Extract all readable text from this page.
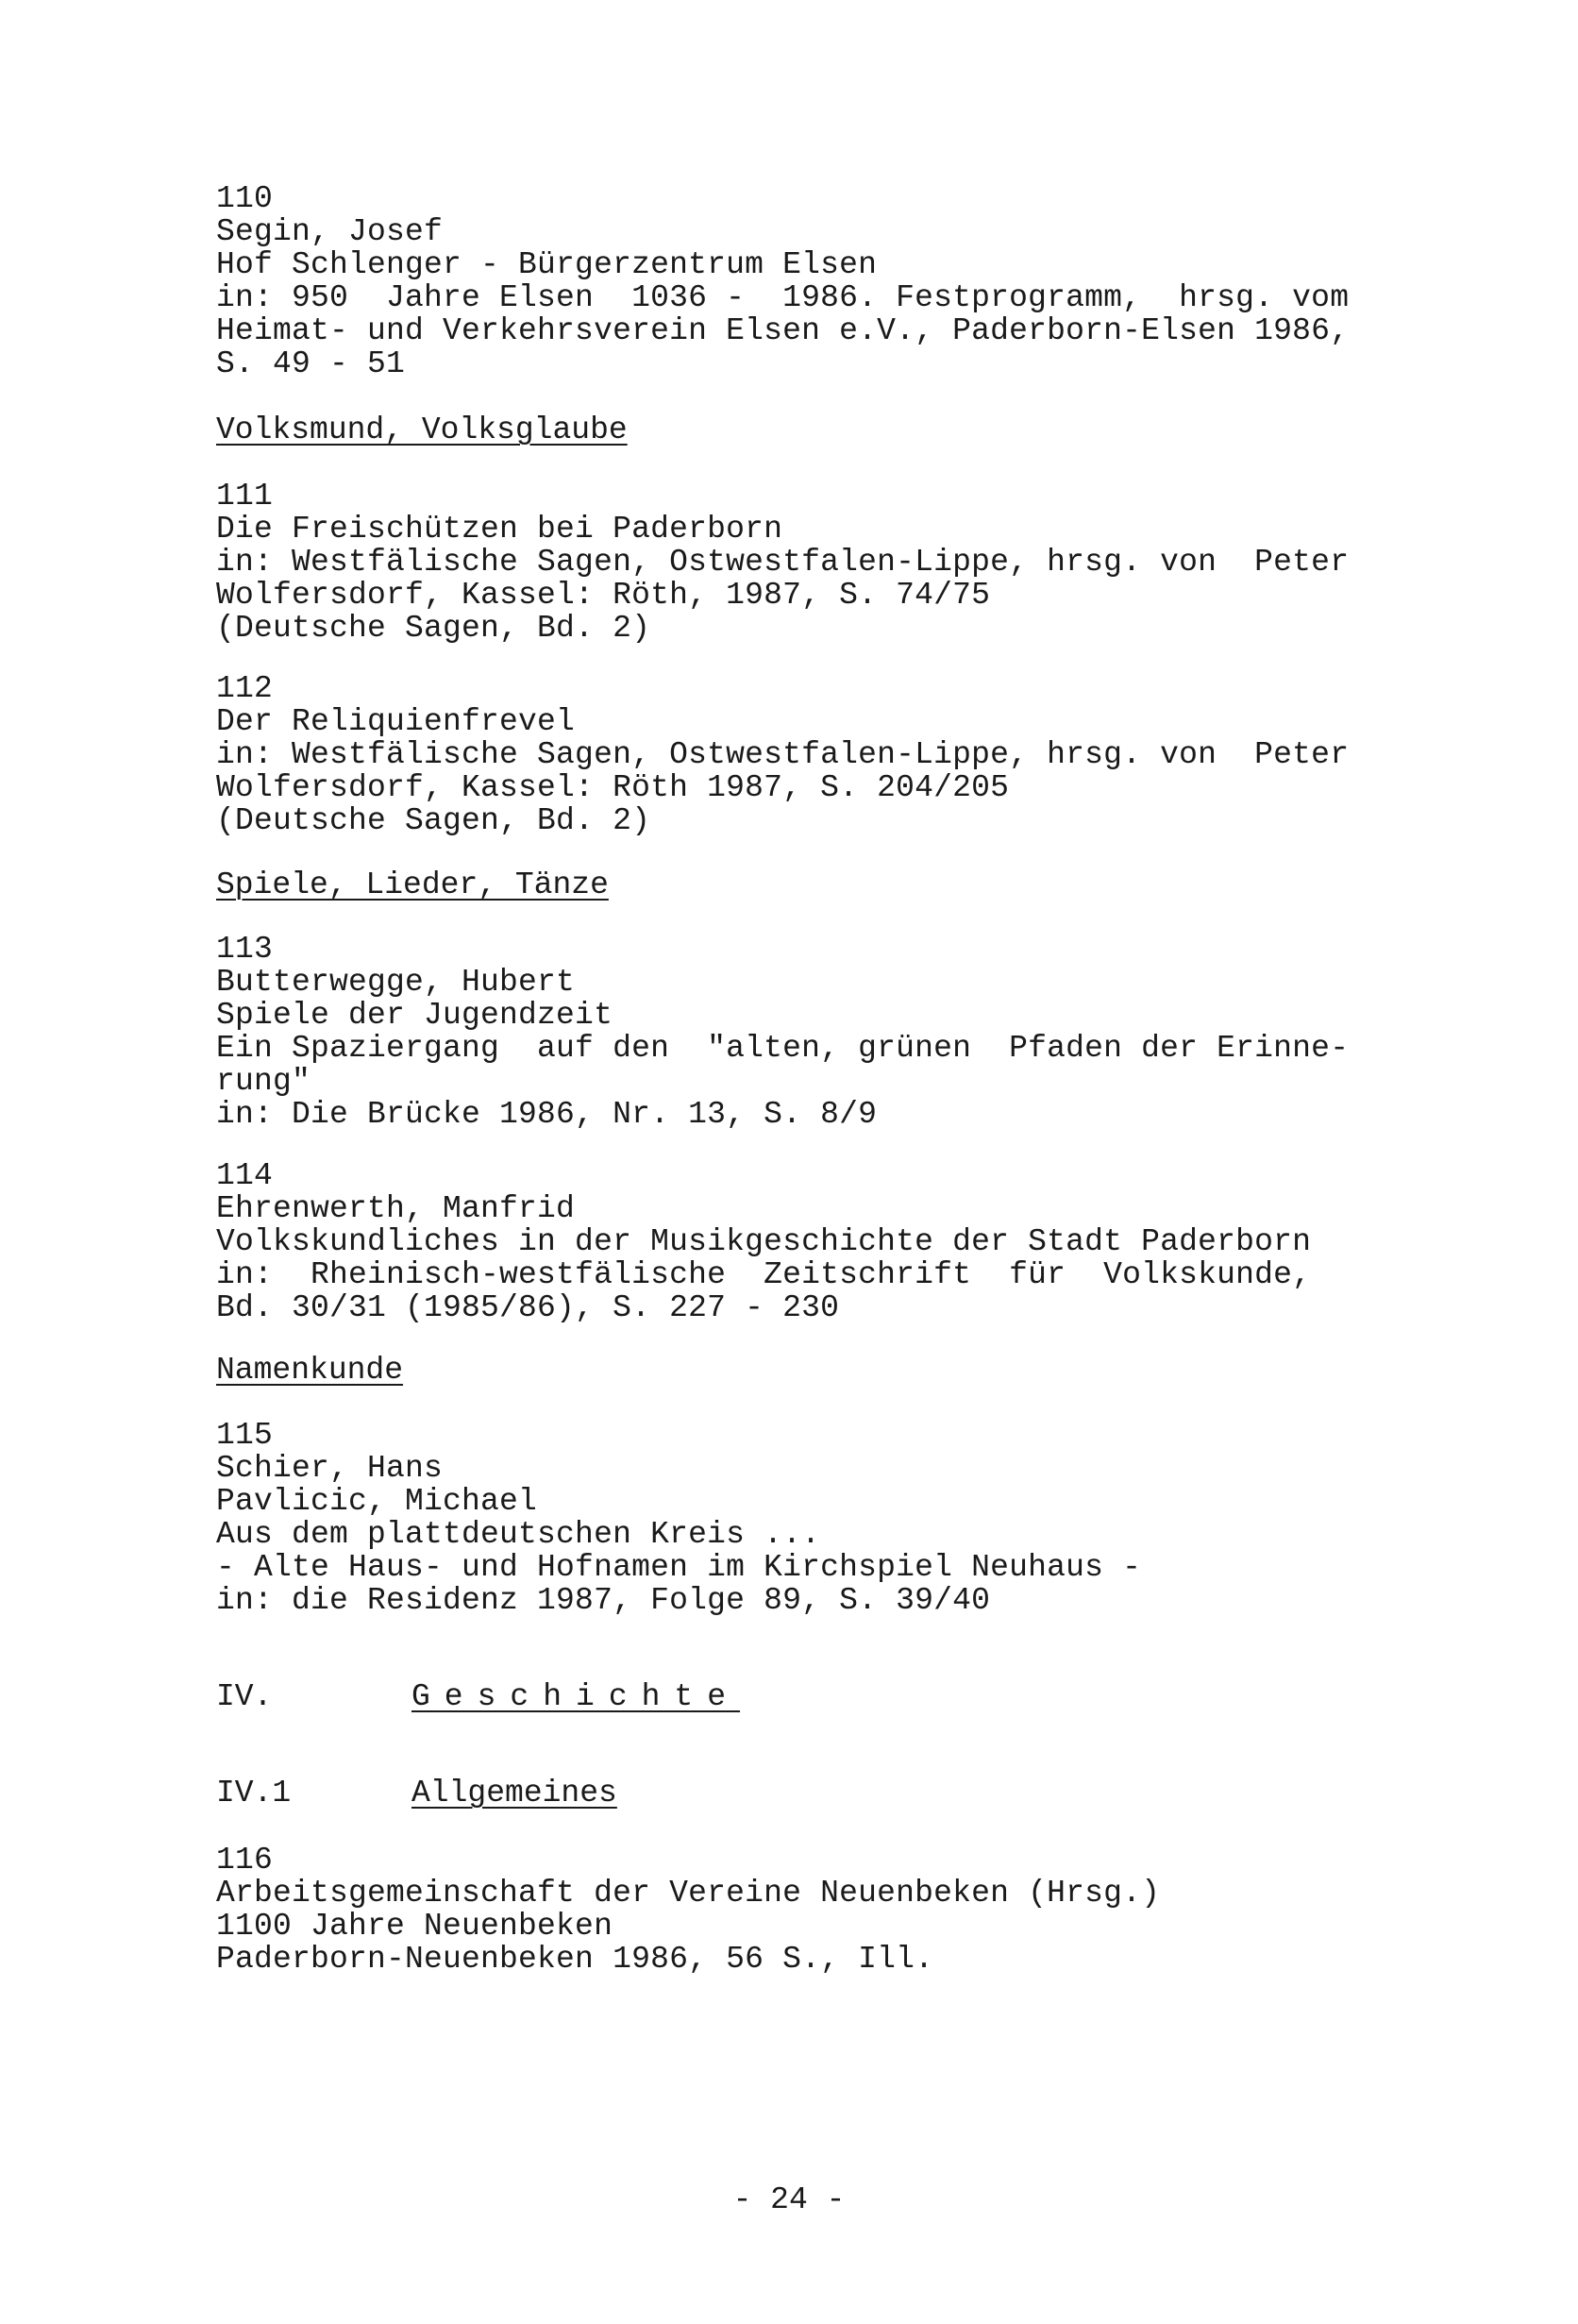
110
Segin, Josef
Hof Schlenger - Bürgerzentrum Elsen
in: 950  Jahre Elsen  1036 -  1986. Festprogramm,  hrsg. vom
Heimat- und Verkehrsverein Elsen e.V., Paderborn-Elsen 1986,
S. 49 - 51
Volksmund, Volksglaube
111
Die Freischützen bei Paderborn
in: Westfälische Sagen, Ostwestfalen-Lippe, hrsg. von  Peter
Wolfersdorf, Kassel: Röth, 1987, S. 74/75
(Deutsche Sagen, Bd. 2)
112
Der Reliquienfrevel
in: Westfälische Sagen, Ostwestfalen-Lippe, hrsg. von  Peter
Wolfersdorf, Kassel: Röth 1987, S. 204/205
(Deutsche Sagen, Bd. 2)
Spiele, Lieder, Tänze
113
Butterwegge, Hubert
Spiele der Jugendzeit
Ein Spaziergang  auf den  "alten, grünen  Pfaden der Erinne-
rung"
in: Die Brücke 1986, Nr. 13, S. 8/9
114
Ehrenwerth, Manfrid
Volkskundliches in der Musikgeschichte der Stadt Paderborn
in:  Rheinisch-westfälische  Zeitschrift  für  Volkskunde,
Bd. 30/31 (1985/86), S. 227 - 230
Namenkunde
115
Schier, Hans
Pavlicic, Michael
Aus dem plattdeutschen Kreis ...
- Alte Haus- und Hofnamen im Kirchspiel Neuhaus -
in: die Residenz 1987, Folge 89, S. 39/40
IV.	Geschichte
IV.1	Allgemeines
116
Arbeitsgemeinschaft der Vereine Neuenbeken (Hrsg.)
1100 Jahre Neuenbeken
Paderborn-Neuenbeken 1986, 56 S., Ill.
- 24 -
